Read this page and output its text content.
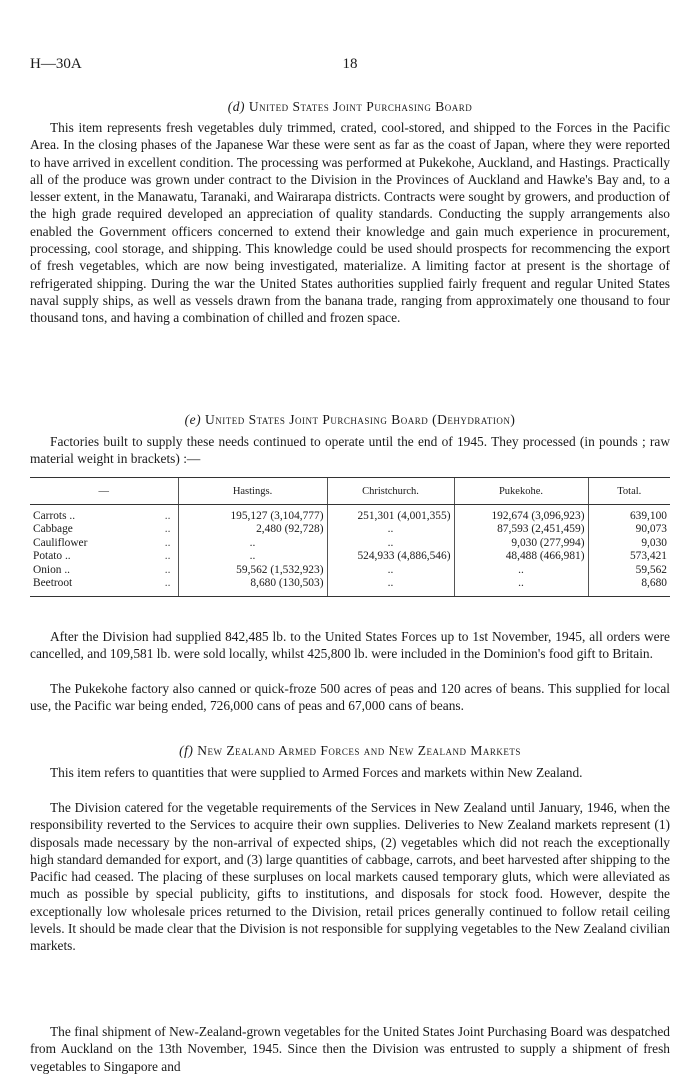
H—30A	18
(d) United States Joint Purchasing Board

This item represents fresh vegetables duly trimmed, crated, cool-stored, and shipped to the Forces in the Pacific Area. In the closing phases of the Japanese War these were sent as far as the coast of Japan, where they were reported to have arrived in excellent condition. The processing was performed at Pukekohe, Auckland, and Hastings. Practically all of the produce was grown under contract to the Division in the Provinces of Auckland and Hawke's Bay and, to a lesser extent, in the Manawatu, Taranaki, and Wairarapa districts. Contracts were sought by growers, and production of the high grade required developed an appreciation of quality standards. Conducting the supply arrangements also enabled the Government officers concerned to extend their knowledge and gain much experience in procurement, processing, cool storage, and shipping. This knowledge could be used should prospects for recommencing the export of fresh vegetables, which are now being investigated, materialize. A limiting factor at present is the shortage of refrigerated shipping. During the war the United States authorities supplied fairly frequent and regular United States naval supply ships, as well as vessels drawn from the banana trade, ranging from approximately one thousand to four thousand tons, and having a combination of chilled and frozen space.

(e) United States Joint Purchasing Board (Dehydration)

Factories built to supply these needs continued to operate until the end of 1945. They processed (in pounds ; raw material weight in brackets) :—

—	Hastings.	Christchurch.	Pukekohe.	Total.
Carrots .. ..	195,127 (3,104,777)	251,301 (4,001,355)	192,674 (3,096,923)	639,100
Cabbage ..	2,480 (92,728)	..	87,593 (2,451,459)	90,073
Cauliflower ..	..	..	9,030 (277,994)	9,030
Potato .. ..	..	524,933 (4,886,546)	48,488 (466,981)	573,421
Onion .. ..	59,562 (1,532,923)	..	..	59,562
Beetroot ..	8,680 (130,503)	..	..	8,680

After the Division had supplied 842,485 lb. to the United States Forces up to 1st November, 1945, all orders were cancelled, and 109,581 lb. were sold locally, whilst 425,800 lb. were included in the Dominion's food gift to Britain.

The Pukekohe factory also canned or quick-froze 500 acres of peas and 120 acres of beans. This supplied for local use, the Pacific war being ended, 726,000 cans of peas and 67,000 cans of beans.

(f) New Zealand Armed Forces and New Zealand Markets

This item refers to quantities that were supplied to Armed Forces and markets within New Zealand.

The Division catered for the vegetable requirements of the Services in New Zealand until January, 1946, when the responsibility reverted to the Services to acquire their own supplies. Deliveries to New Zealand markets represent (1) disposals made necessary by the non-arrival of expected ships, (2) vegetables which did not reach the exceptionally high standard demanded for export, and (3) large quantities of cabbage, carrots, and beet harvested after shipping to the Pacific had ceased. The placing of these surpluses on local markets caused temporary gluts, which were alleviated as much as possible by special publicity, gifts to institutions, and disposals for stock food. However, despite the exceptionally low wholesale prices returned to the Division, retail prices generally continued to follow retail ceiling levels. It should be made clear that the Division is not responsible for supplying vegetables to the New Zealand civilian markets.

The final shipment of New-Zealand-grown vegetables for the United States Joint Purchasing Board was despatched from Auckland on the 13th November, 1945. Since then the Division was entrusted to supply a shipment of fresh vegetables to Singapore and
